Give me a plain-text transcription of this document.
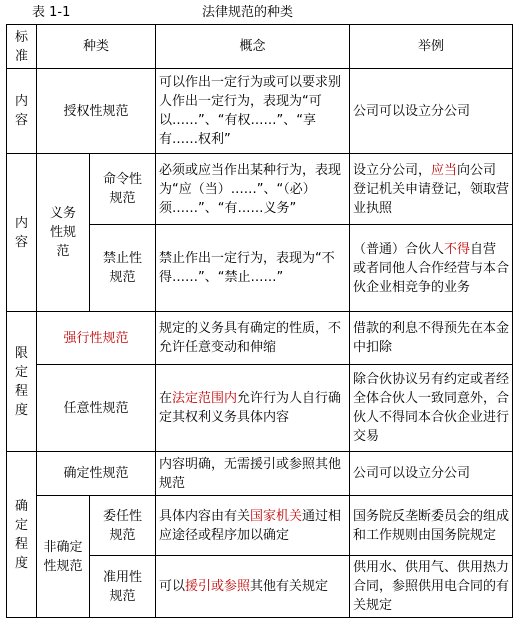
表 1-1	法律规范的种类
标准	种类		概念	举例
内容	授权性规范		可以作出一定行为或可以要求别人作出一定行为，表现为“可以……”、“有权……”、“享有……权利”	公司可以设立分公司
内容	义务性规范	命令性规范	必须或应当作出某种行为，表现为“应（当）……”、“（必）须……”、“有……义务”	设立分公司，应当向公司登记机关申请登记，领取营业执照
		禁止性规范	禁止作出一定行为，表现为“不得……”、“禁止……”	（普通）合伙人不得自营或者同他人合作经营与本合伙企业相竞争的业务
限定程度	强行性规范		规定的义务具有确定的性质，不允许任意变动和伸缩	借款的利息不得预先在本金中扣除
	任意性规范		在法定范围内允许行为人自行确定其权利义务具体内容	除合伙协议另有约定或者经全体合伙人一致同意外，合伙人不得同本合伙企业进行交易
确定程度	确定性规范		内容明确，无需援引或参照其他规范	公司可以设立分公司
	非确定性规范	委任性规范	具体内容由有关国家机关通过相应途径或程序加以确定	国务院反垄断委员会的组成和工作规则由国务院规定
		准用性规范	可以援引或参照其他有关规定	供用水、供用气、供用热力合同，参照供用电合同的有关规定
